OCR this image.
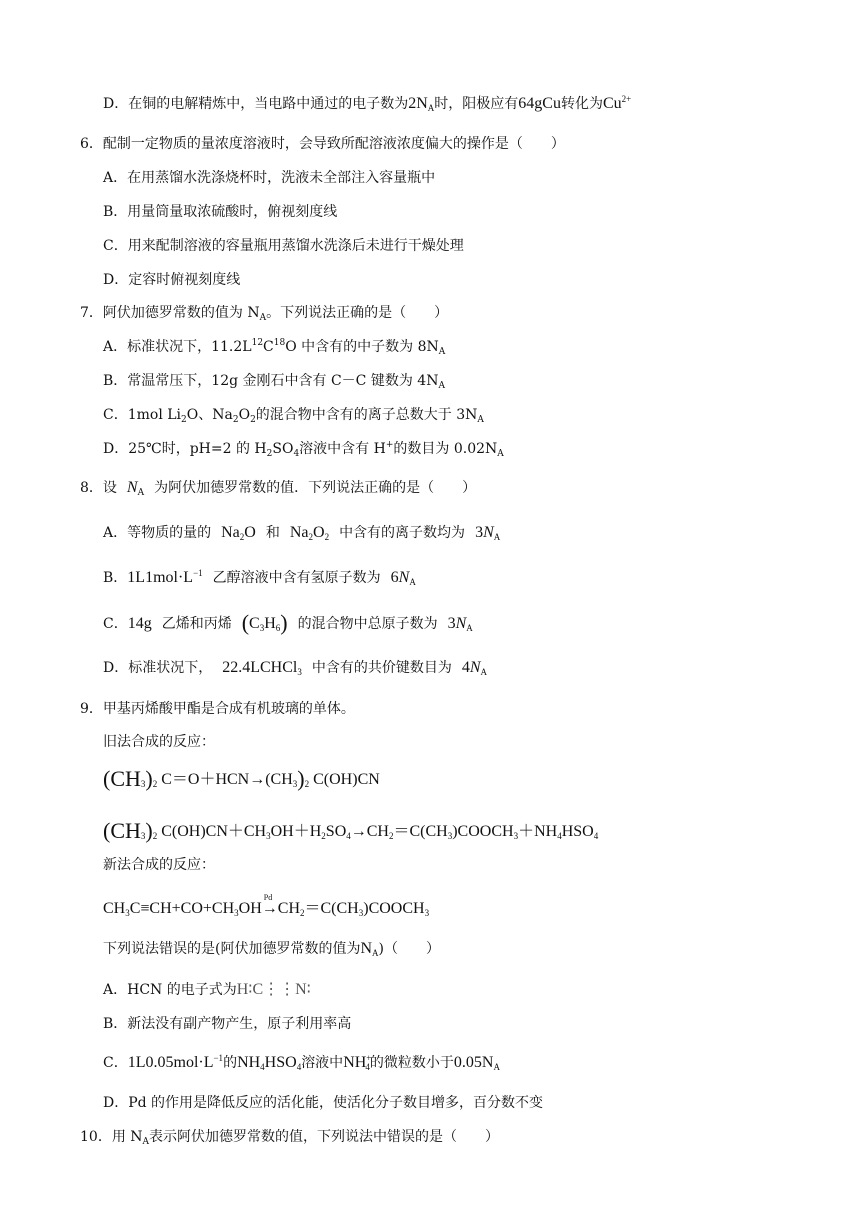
D．在铜的电解精炼中，当电路中通过的电子数为$2N_A$时，阳极应有64gCu转化为$Cu^{2+}$
6．配制一定物质的量浓度溶液时，会导致所配溶液浓度偏大的操作是（　　）
A．在用蒸馏水洗涤烧杯时，洗液未全部注入容量瓶中
B．用量筒量取浓硫酸时，俯视刻度线
C．用来配制溶液的容量瓶用蒸馏水洗涤后未进行干燥处理
D．定容时俯视刻度线
7．阿伏加德罗常数的值为 $N_A$。下列说法正确的是（　　）
A．标准状况下，$11.2L^{12}C^{18}O$ 中含有的中子数为 $8N_A$
B．常温常压下，12g 金刚石中含有 C－C 键数为 $4N_A$
C．1mol $Li_2O$、$Na_2O_2$的混合物中含有的离子总数大于 $3N_A$
D．25℃时，pH=2 的 $H_2SO_4$溶液中含有 H+的数目为 $0.02N_A$
8．设 $N_A$ 为阿伏加德罗常数的值．下列说法正确的是（　　）
A．等物质的量的 $Na_2O$ 和 $Na_2O_2$ 中含有的离子数均为 $3N_A$
B．$1L1mol\cdot L^{-1}$ 乙醇溶液中含有氢原子数为 $6N_A$
C．14g 乙烯和丙烯 $(C_3H_6)$ 的混合物中总原子数为 $3N_A$
D．标准状况下， 22.4LCHCl$_3$ 中含有的共价键数目为 $4N_A$
9．甲基丙烯酸甲酯是合成有机玻璃的单体。
旧法合成的反应：
$(CH_3)_2$ $C=O+HCN\to(CH_3)_2$ C(OH)CN
$(CH_3)_2$ $C(OH)CN+CH_3OH+H_2SO_4\to CH_2=C(CH_3)COOCH_3+NH_4HSO_4$
新法合成的反应：
$CH_3C\equiv CH+CO+CH_3OH$
Pd
$\to CH_2=C(CH_3)COOCH_3$
下列说法错误的是(阿伏加德罗常数的值为$N_A$)（　　）
A．HCN 的电子式为H∶C⋮⋮N∶
B．新法没有副产物产生，原子利用率高
C．$1L0.05mol\cdot L^{-1}$的$NH_4HSO_4$溶液中$NH^+_4$的微粒数小于$0.05N_A$
D．Pd 的作用是降低反应的活化能，使活化分子数目增多，百分数不变
10．用 $N_A$表示阿伏加德罗常数的值，下列说法中错误的是（　　）
